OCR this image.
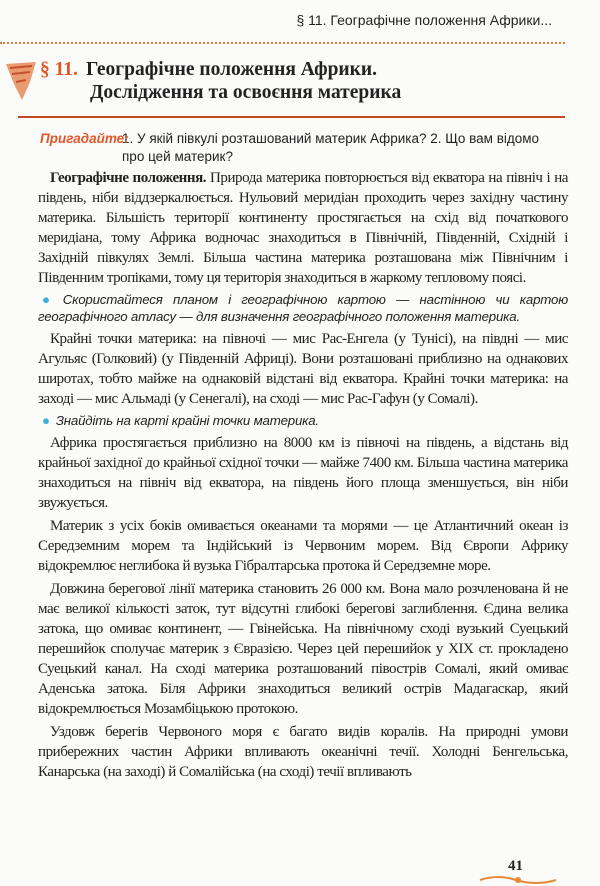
§ 11. Географічне положення Африки...
§ 11. Географічне положення Африки.
Дослідження та освоєння материка
Пригадайте:
1. У якій півкулі розташований материк Африка? 2. Що вам відомо про цей материк?

Географічне положення. Природа материка повторюється від екватора на північ і на південь, ніби віддзеркалюється. Нульовий меридіан проходить через західну частину материка. Більшість території континенту простягається на схід від початкового меридіана, тому Африка водночас знаходиться в Північній, Південній, Східній і Західній півкулях Землі. Більша частина материка розташована між Північним і Південним тропіками, тому ця територія знаходиться в жаркому тепловому поясі.

● Скористайтеся планом і географічною картою — настінною чи картою географічного атласу — для визначення географічного положення материка.

Крайні точки материка: на півночі — мис Рас-Енгела (у Тунісі), на півдні — мис Агульяс (Голковий) (у Південній Африці). Вони розташовані приблизно на однакових широтах, тобто майже на однаковій відстані від екватора. Крайні точки материка: на заході — мис Альмаді (у Сенегалі), на сході — мис Рас-Гафун (у Сомалі).

● Знайдіть на карті крайні точки материка.

Африка простягається приблизно на 8000 км із півночі на південь, а відстань від крайньої західної до крайньої східної точки — майже 7400 км. Більша частина материка знаходиться на північ від екватора, на південь його площа зменшується, він ніби звужується.

Материк з усіх боків омивається океанами та морями — це Атлантичний океан із Середземним морем та Індійський із Червоним морем. Від Європи Африку відокремлює неглибока й вузька Гібралтарська протока й Середземне море.

Довжина берегової лінії материка становить 26 000 км. Вона мало розчленована й не має великої кількості заток, тут відсутні глибокі берегові заглиблення. Єдина велика затока, що омиває континент, — Гвінейська. На північному сході вузький Суецький перешийок сполучає материк з Євразією. Через цей перешийок у XIX ст. прокладено Суецький канал. На сході материка розташований півострів Сомалі, який омиває Аденська затока. Біля Африки знаходиться великий острів Мадагаскар, який відокремлюється Мозамбіцькою протокою.

Уздовж берегів Червоного моря є багато видів коралів. На природні умови прибережних частин Африки впливають океанічні течії. Холодні Бенгельська, Канарська (на заході) й Сомалійська (на сході) течії впливають

41
